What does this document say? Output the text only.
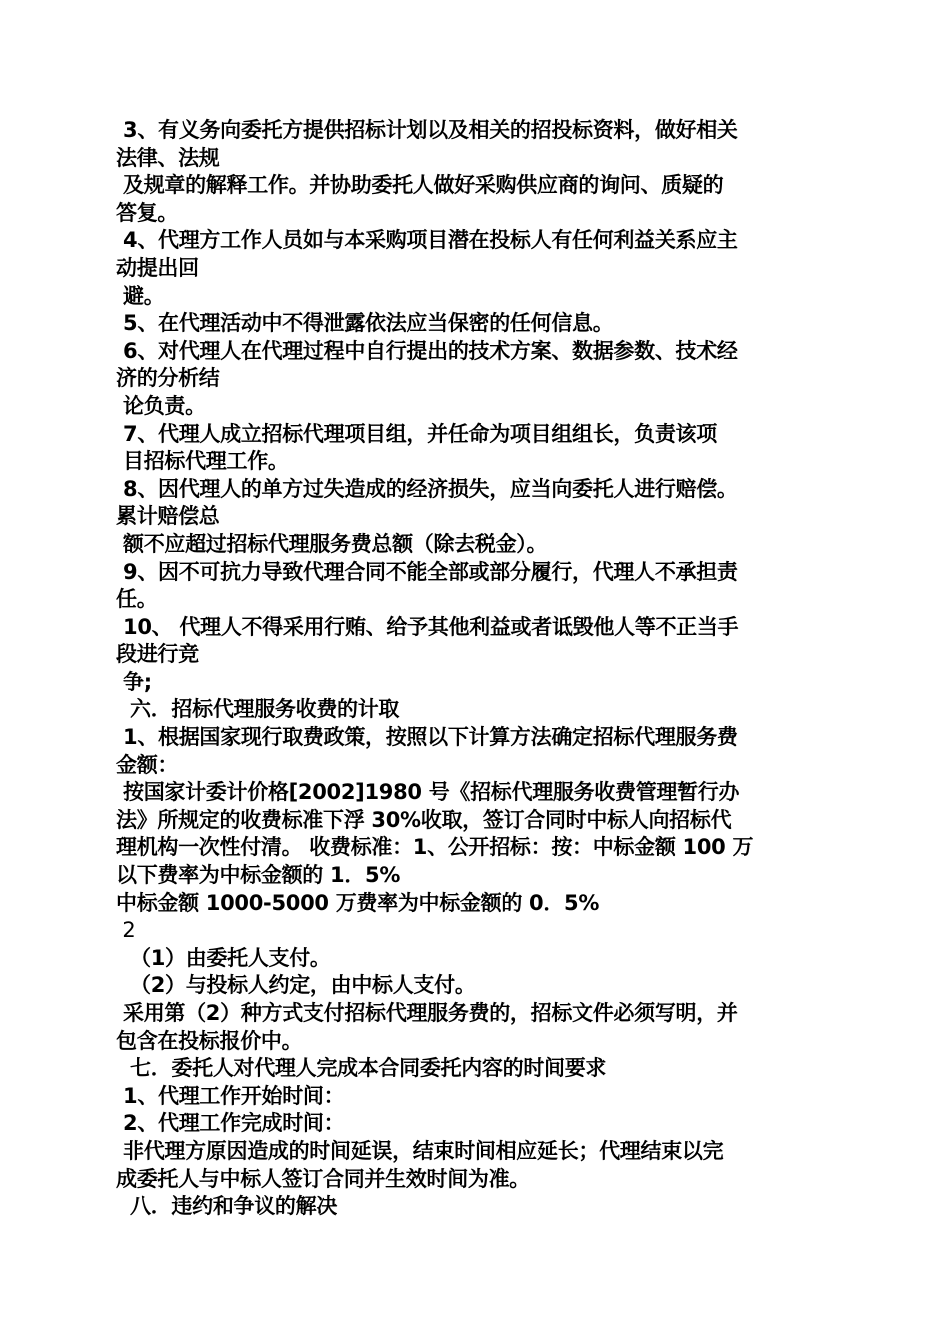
3、有义务向委托方提供招标计划以及相关的招投标资料，做好相关
法律、法规
及规章的解释工作。并协助委托人做好采购供应商的询问、质疑的
答复。
4、代理方工作人员如与本采购项目潜在投标人有任何利益关系应主
动提出回
避。
5、在代理活动中不得泄露依法应当保密的任何信息。
6、对代理人在代理过程中自行提出的技术方案、数据参数、技术经
济的分析结
论负责。
7、代理人成立招标代理项目组，并任命为项目组组长，负责该项
目招标代理工作。
8、因代理人的单方过失造成的经济损失，应当向委托人进行赔偿。
累计赔偿总
额不应超过招标代理服务费总额（除去税金）。
9、因不可抗力导致代理合同不能全部或部分履行，代理人不承担责
任。
10、 代理人不得采用行贿、给予其他利益或者诋毁他人等不正当手
段进行竞
争;
六．招标代理服务收费的计取
1、根据国家现行取费政策，按照以下计算方法确定招标代理服务费
金额：
按国家计委计价格[2002]1980 号《招标代理服务收费管理暂行办
法》所规定的收费标准下浮 30%收取，签订合同时中标人向招标代
理机构一次性付清。 收费标准：1、公开招标：按：中标金额 100 万
以下费率为中标金额的 1．5%
中标金额 1000-5000 万费率为中标金额的 0．5%
2
（1）由委托人支付。
（2）与投标人约定，由中标人支付。
采用第（2）种方式支付招标代理服务费的，招标文件必须写明，并
包含在投标报价中。
七．委托人对代理人完成本合同委托内容的时间要求
1、代理工作开始时间：
2、代理工作完成时间：
非代理方原因造成的时间延误，结束时间相应延长；代理结束以完
成委托人与中标人签订合同并生效时间为准。
八．违约和争议的解决
